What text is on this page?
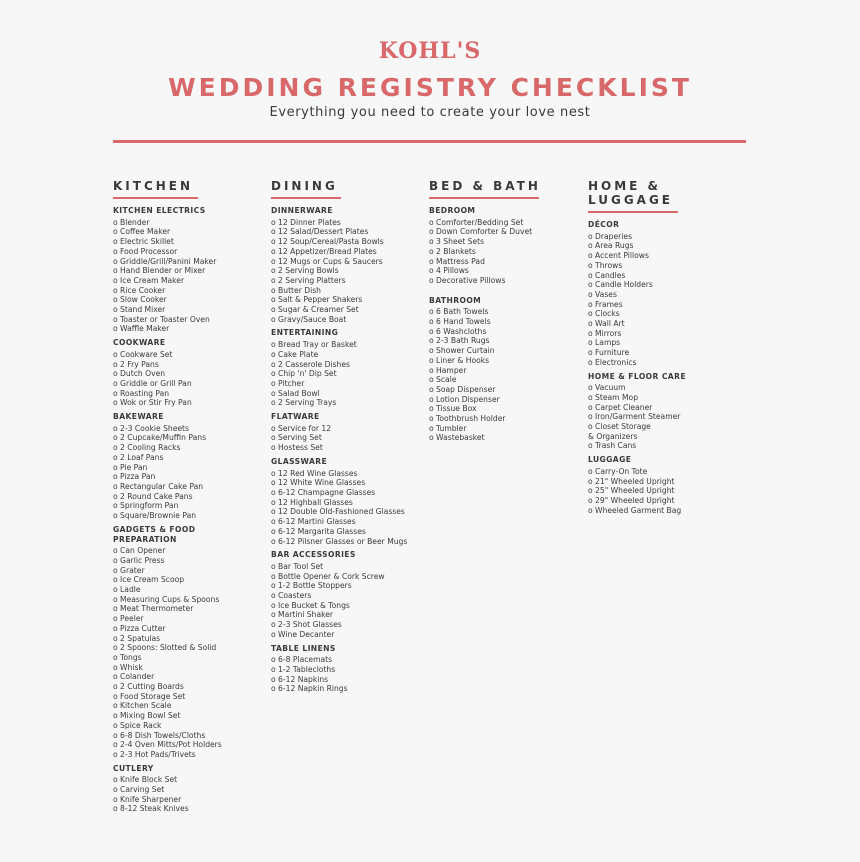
KOHL'S
WEDDING REGISTRY CHECKLIST
Everything you need to create your love nest
KITCHEN
KITCHEN ELECTRICS
o Blender
o Coffee Maker
o Electric Skillet
o Food Processor
o Griddle/Grill/Panini Maker
o Hand Blender or Mixer
o Ice Cream Maker
o Rice Cooker
o Slow Cooker
o Stand Mixer
o Toaster or Toaster Oven
o Waffle Maker
COOKWARE
o Cookware Set
o 2 Fry Pans
o Dutch Oven
o Griddle or Grill Pan
o Roasting Pan
o Wok or Stir Fry Pan
BAKEWARE
o 2-3 Cookie Sheets
o 2 Cupcake/Muffin Pans
o 2 Cooling Racks
o 2 Loaf Pans
o Pie Pan
o Pizza Pan
o Rectangular Cake Pan
o 2 Round Cake Pans
o Springform Pan
o Square/Brownie Pan
GADGETS & FOOD
PREPARATION
o Can Opener
o Garlic Press
o Grater
o Ice Cream Scoop
o Ladle
o Measuring Cups & Spoons
o Meat Thermometer
o Peeler
o Pizza Cutter
o 2 Spatulas
o 2 Spoons: Slotted & Solid
o Tongs
o Whisk
o Colander
o 2 Cutting Boards
o Food Storage Set
o Kitchen Scale
o Mixing Bowl Set
o Spice Rack
o 6-8 Dish Towels/Cloths
o 2-4 Oven Mitts/Pot Holders
o 2-3 Hot Pads/Trivets
CUTLERY
o Knife Block Set
o Carving Set
o Knife Sharpener
o 8-12 Steak Knives
DINING
DINNERWARE
o 12 Dinner Plates
o 12 Salad/Dessert Plates
o 12 Soup/Cereal/Pasta Bowls
o 12 Appetizer/Bread Plates
o 12 Mugs or Cups & Saucers
o 2 Serving Bowls
o 2 Serving Platters
o Butter Dish
o Salt & Pepper Shakers
o Sugar & Creamer Set
o Gravy/Sauce Boat
ENTERTAINING
o Bread Tray or Basket
o Cake Plate
o 2 Casserole Dishes
o Chip 'n' Dip Set
o Pitcher
o Salad Bowl
o 2 Serving Trays
FLATWARE
o Service for 12
o Serving Set
o Hostess Set
GLASSWARE
o 12 Red Wine Glasses
o 12 White Wine Glasses
o 6-12 Champagne Glasses
o 12 Highball Glasses
o 12 Double Old-Fashioned Glasses
o 6-12 Martini Glasses
o 6-12 Margarita Glasses
o 6-12 Pilsner Glasses or Beer Mugs
BAR ACCESSORIES
o Bar Tool Set
o Bottle Opener & Cork Screw
o 1-2 Bottle Stoppers
o Coasters
o Ice Bucket & Tongs
o Martini Shaker
o 2-3 Shot Glasses
o Wine Decanter
TABLE LINENS
o 6-8 Placemats
o 1-2 Tablecloths
o 6-12 Napkins
o 6-12 Napkin Rings
BED & BATH
BEDROOM
o Comforter/Bedding Set
o Down Comforter & Duvet
o 3 Sheet Sets
o 2 Blankets
o Mattress Pad
o 4 Pillows
o Decorative Pillows
BATHROOM
o 6 Bath Towels
o 6 Hand Towels
o 6 Washcloths
o 2-3 Bath Rugs
o Shower Curtain
o Liner & Hooks
o Hamper
o Scale
o Soap Dispenser
o Lotion Dispenser
o Tissue Box
o Toothbrush Holder
o Tumbler
o Wastebasket
HOME &
LUGGAGE
DÉCOR
o Draperies
o Area Rugs
o Accent Pillows
o Throws
o Candles
o Candle Holders
o Vases
o Frames
o Clocks
o Wall Art
o Mirrors
o Lamps
o Furniture
o Electronics
HOME & FLOOR CARE
o Vacuum
o Steam Mop
o Carpet Cleaner
o Iron/Garment Steamer
o Closet Storage
& Organizers
o Trash Cans
LUGGAGE
o Carry-On Tote
o 21" Wheeled Upright
o 25" Wheeled Upright
o 29" Wheeled Upright
o Wheeled Garment Bag
